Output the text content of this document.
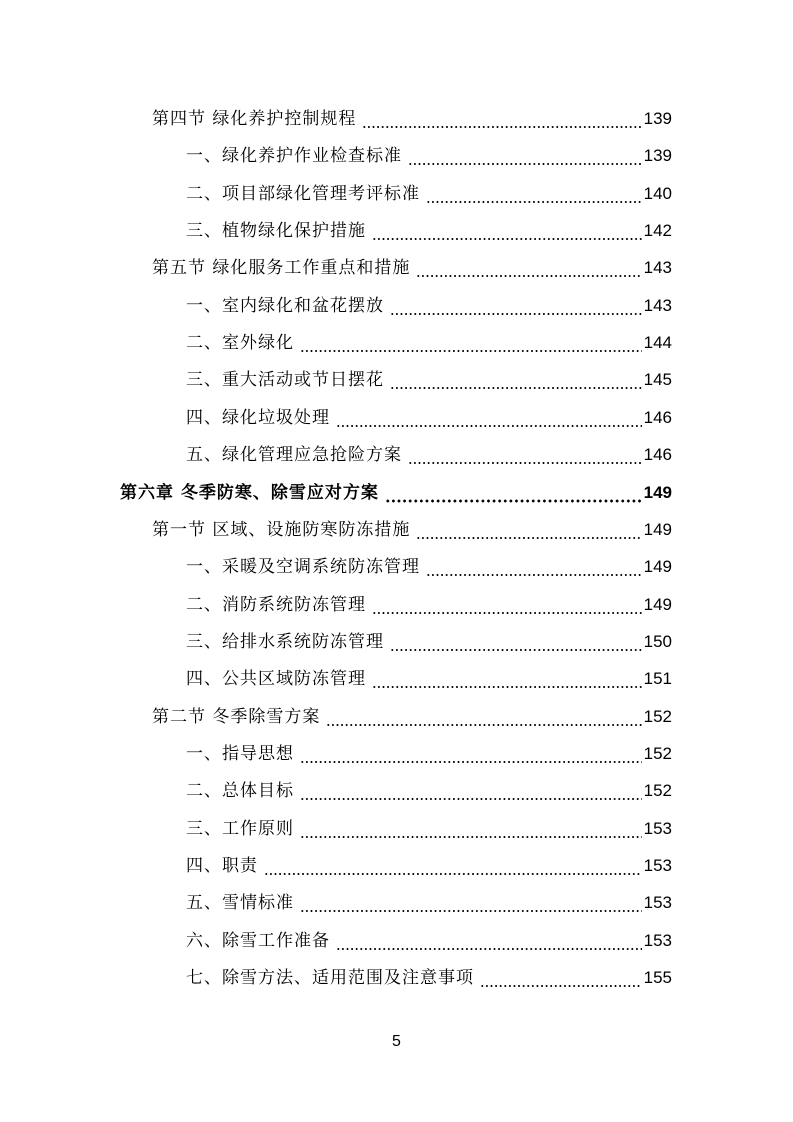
第四节 绿化养护控制规程	139
一、绿化养护作业检查标准	139
二、项目部绿化管理考评标准	140
三、植物绿化保护措施	142
第五节 绿化服务工作重点和措施	143
一、室内绿化和盆花摆放	143
二、室外绿化	144
三、重大活动或节日摆花	145
四、绿化垃圾处理	146
五、绿化管理应急抢险方案	146
第六章 冬季防寒、除雪应对方案	149
第一节 区域、设施防寒防冻措施	149
一、采暖及空调系统防冻管理	149
二、消防系统防冻管理	149
三、给排水系统防冻管理	150
四、公共区域防冻管理	151
第二节 冬季除雪方案	152
一、指导思想	152
二、总体目标	152
三、工作原则	153
四、职责	153
五、雪情标准	153
六、除雪工作准备	153
七、除雪方法、适用范围及注意事项	155
5
